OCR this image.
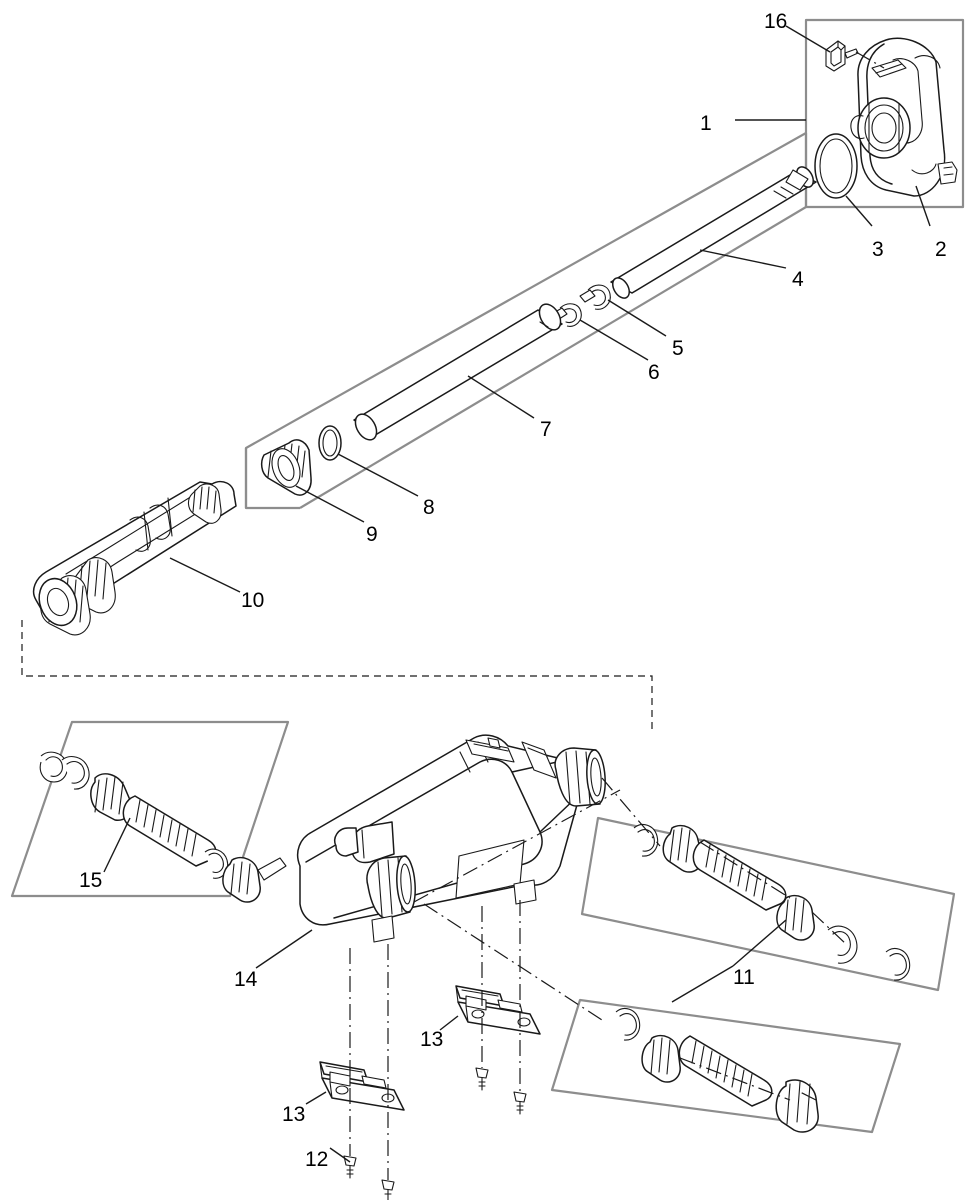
1
2
3
4
5
6
7
8
9
10
11
12
13
13
14
15
16
